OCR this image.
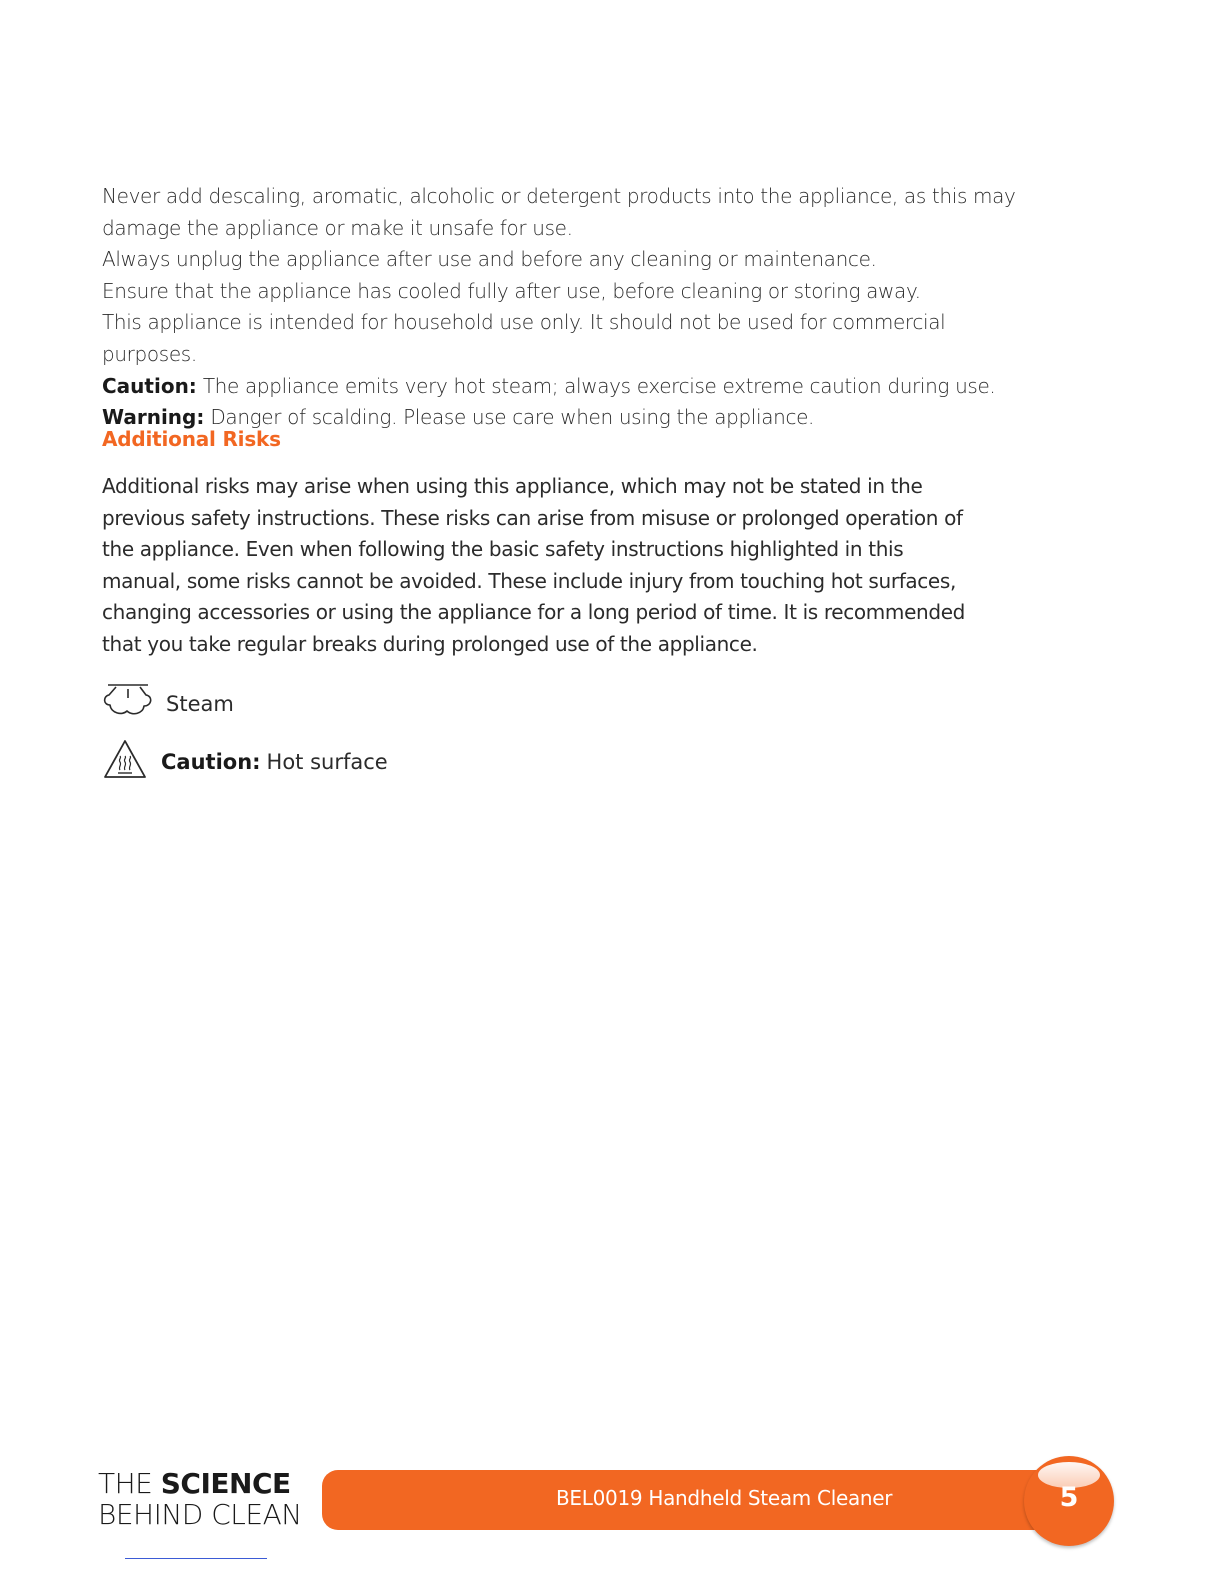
Never add descaling, aromatic, alcoholic or detergent products into the appliance, as this may damage the appliance or make it unsafe for use.

Always unplug the appliance after use and before any cleaning or maintenance.

Ensure that the appliance has cooled fully after use, before cleaning or storing away.

This appliance is intended for household use only. It should not be used for commercial purposes.

Caution: The appliance emits very hot steam; always exercise extreme caution during use.

Warning: Danger of scalding. Please use care when using the appliance.

Additional Risks

Additional risks may arise when using this appliance, which may not be stated in the previous safety instructions. These risks can arise from misuse or prolonged operation of the appliance. Even when following the basic safety instructions highlighted in this manual, some risks cannot be avoided. These include injury from touching hot surfaces, changing accessories or using the appliance for a long period of time. It is recommended that you take regular breaks during prolonged use of the appliance.

Steam
Caution: Hot surface
THE SCIENCE
BEHIND CLEAN	BEL0019 Handheld Steam Cleaner	5
